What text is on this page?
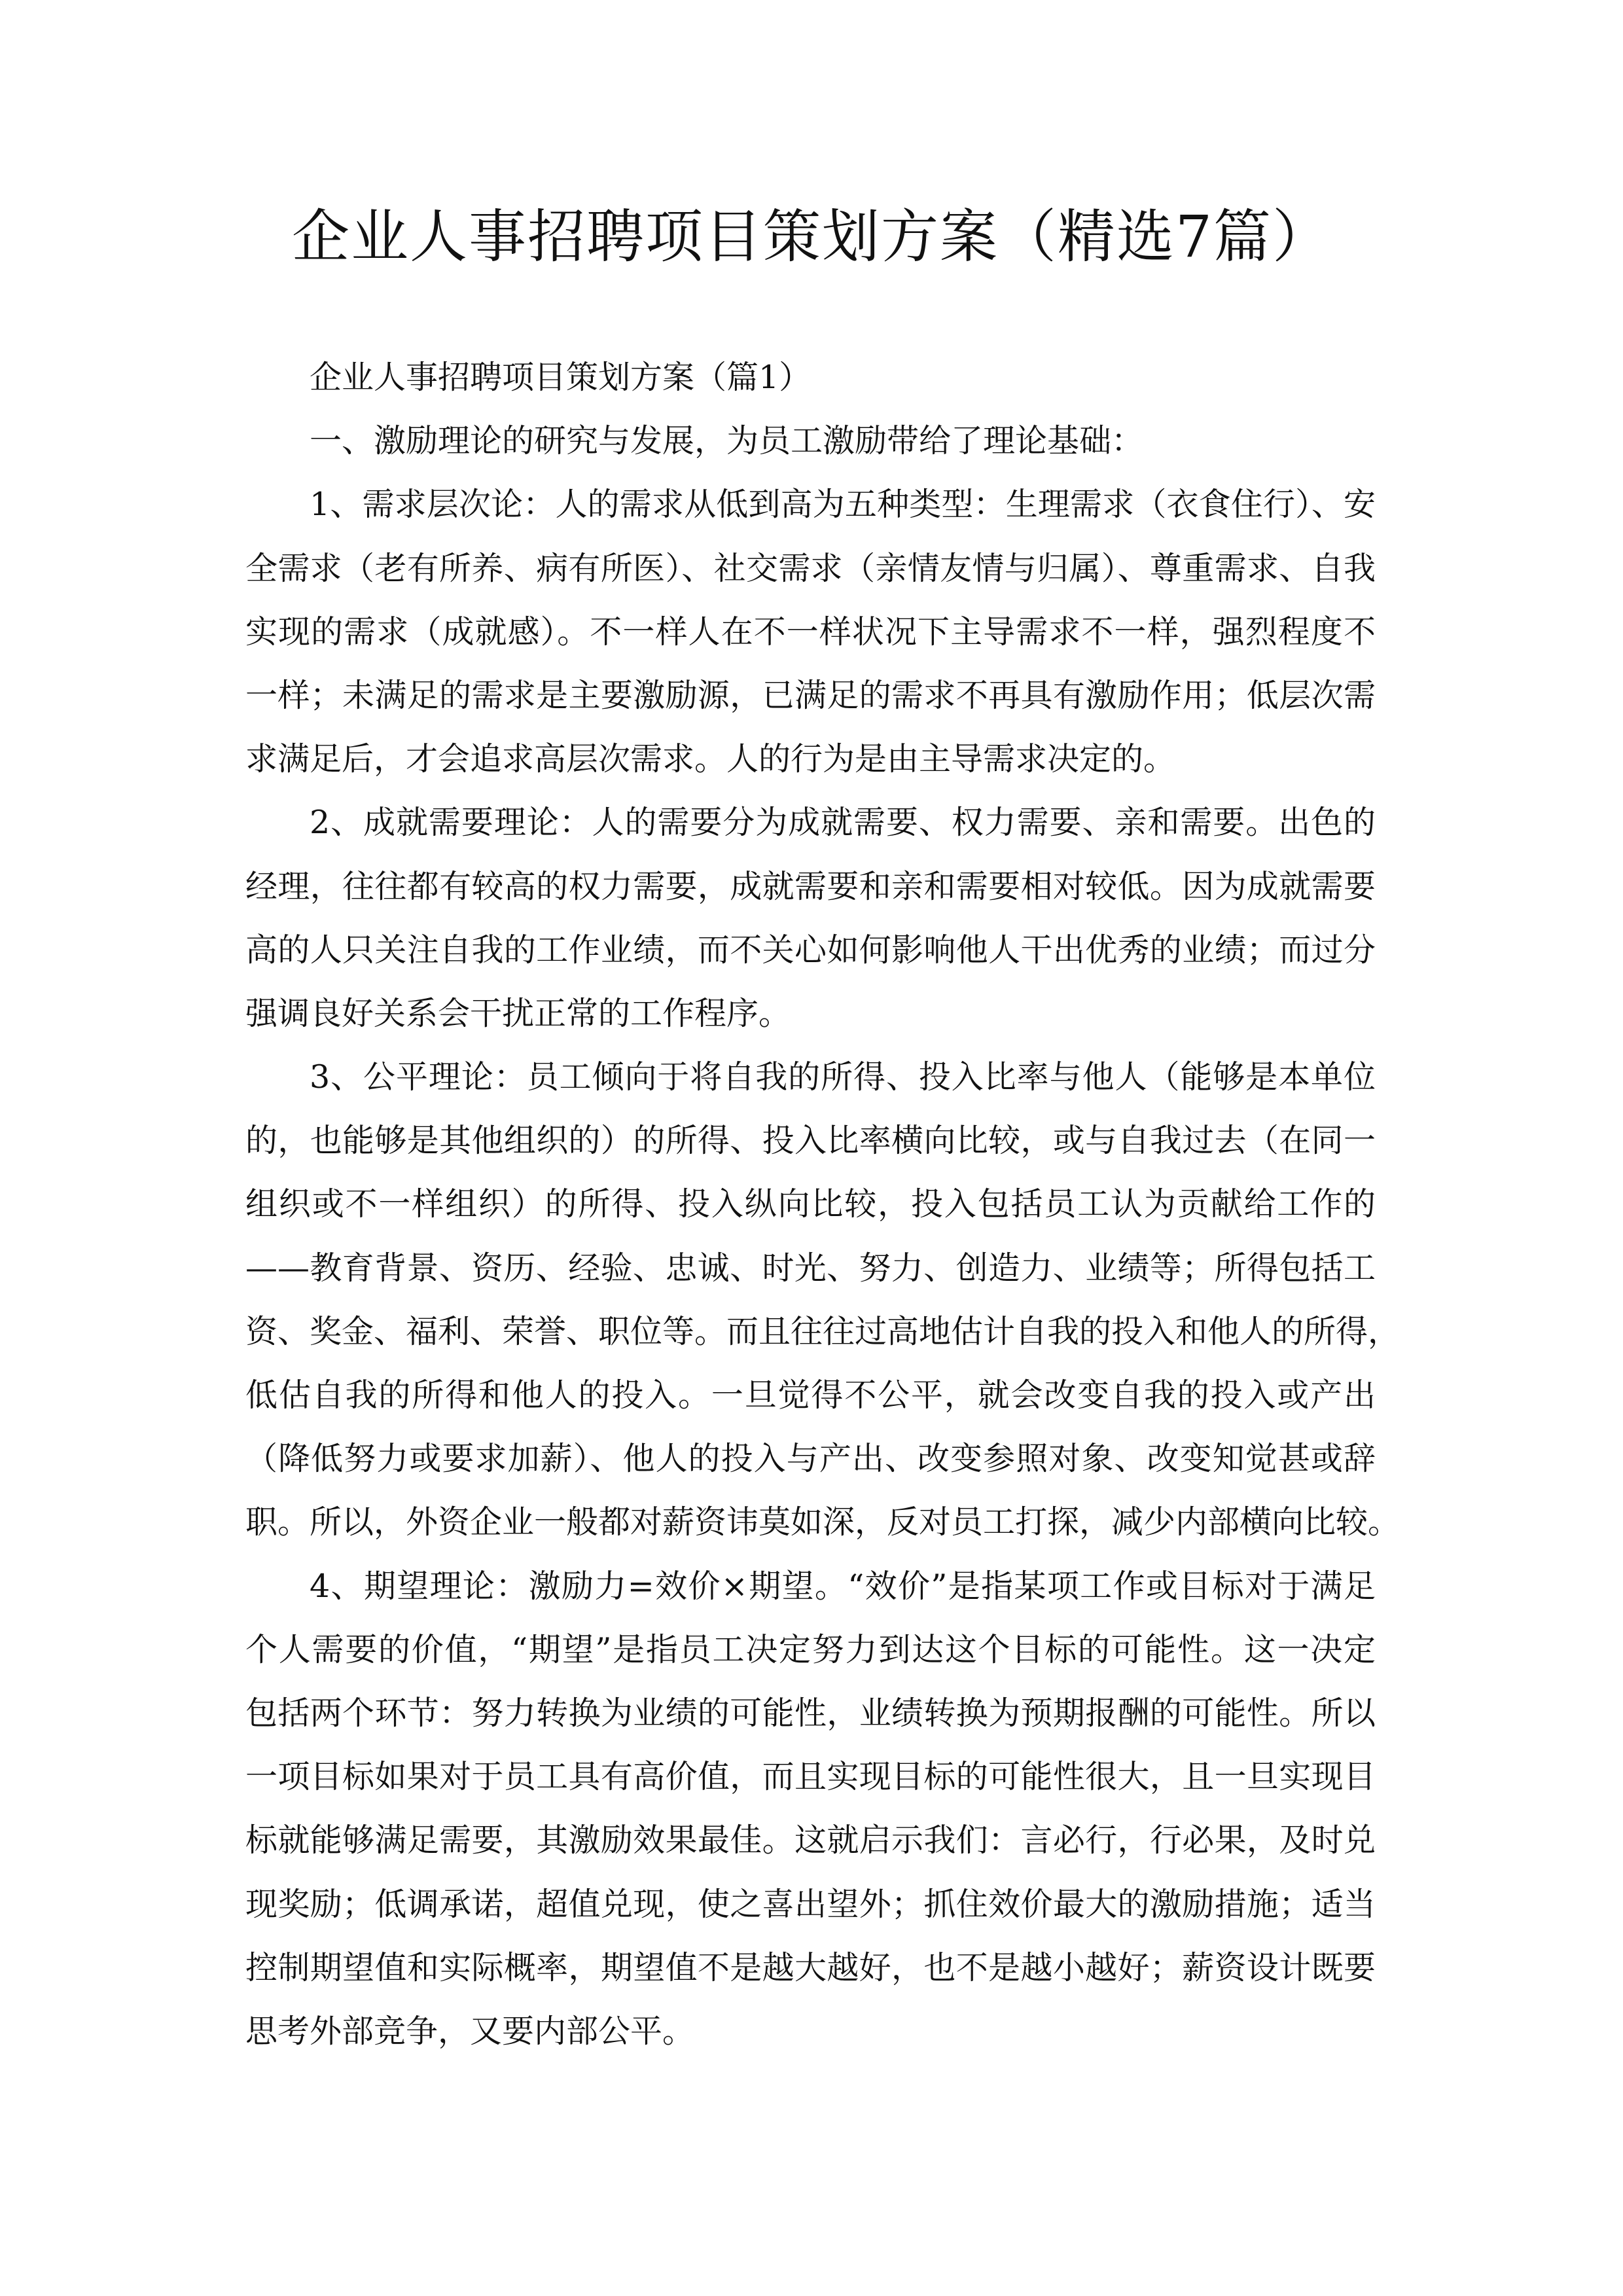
企业人事招聘项目策划方案（精选7篇）
企业人事招聘项目策划方案（篇1）
一、激励理论的研究与发展，为员工激励带给了理论基础：
1、需求层次论：人的需求从低到高为五种类型：生理需求（衣食住行）、安
全需求（老有所养、病有所医）、社交需求（亲情友情与归属）、尊重需求、自我
实现的需求（成就感）。不一样人在不一样状况下主导需求不一样，强烈程度不
一样；未满足的需求是主要激励源，已满足的需求不再具有激励作用；低层次需
求满足后，才会追求高层次需求。人的行为是由主导需求决定的。
2、成就需要理论：人的需要分为成就需要、权力需要、亲和需要。出色的
经理，往往都有较高的权力需要，成就需要和亲和需要相对较低。因为成就需要
高的人只关注自我的工作业绩，而不关心如何影响他人干出优秀的业绩；而过分
强调良好关系会干扰正常的工作程序。
3、公平理论：员工倾向于将自我的所得、投入比率与他人（能够是本单位
的，也能够是其他组织的）的所得、投入比率横向比较，或与自我过去（在同一
组织或不一样组织）的所得、投入纵向比较，投入包括员工认为贡献给工作的
——教育背景、资历、经验、忠诚、时光、努力、创造力、业绩等；所得包括工
资、奖金、福利、荣誉、职位等。而且往往过高地估计自我的投入和他人的所得，
低估自我的所得和他人的投入。一旦觉得不公平，就会改变自我的投入或产出
（降低努力或要求加薪）、他人的投入与产出、改变参照对象、改变知觉甚或辞
职。所以，外资企业一般都对薪资讳莫如深，反对员工打探，减少内部横向比较。
4、期望理论：激励力=效价×期望。“效价”是指某项工作或目标对于满足
个人需要的价值，“期望”是指员工决定努力到达这个目标的可能性。这一决定
包括两个环节：努力转换为业绩的可能性，业绩转换为预期报酬的可能性。所以
一项目标如果对于员工具有高价值，而且实现目标的可能性很大，且一旦实现目
标就能够满足需要，其激励效果最佳。这就启示我们：言必行，行必果，及时兑
现奖励；低调承诺，超值兑现，使之喜出望外；抓住效价最大的激励措施；适当
控制期望值和实际概率，期望值不是越大越好，也不是越小越好；薪资设计既要
思考外部竞争，又要内部公平。
